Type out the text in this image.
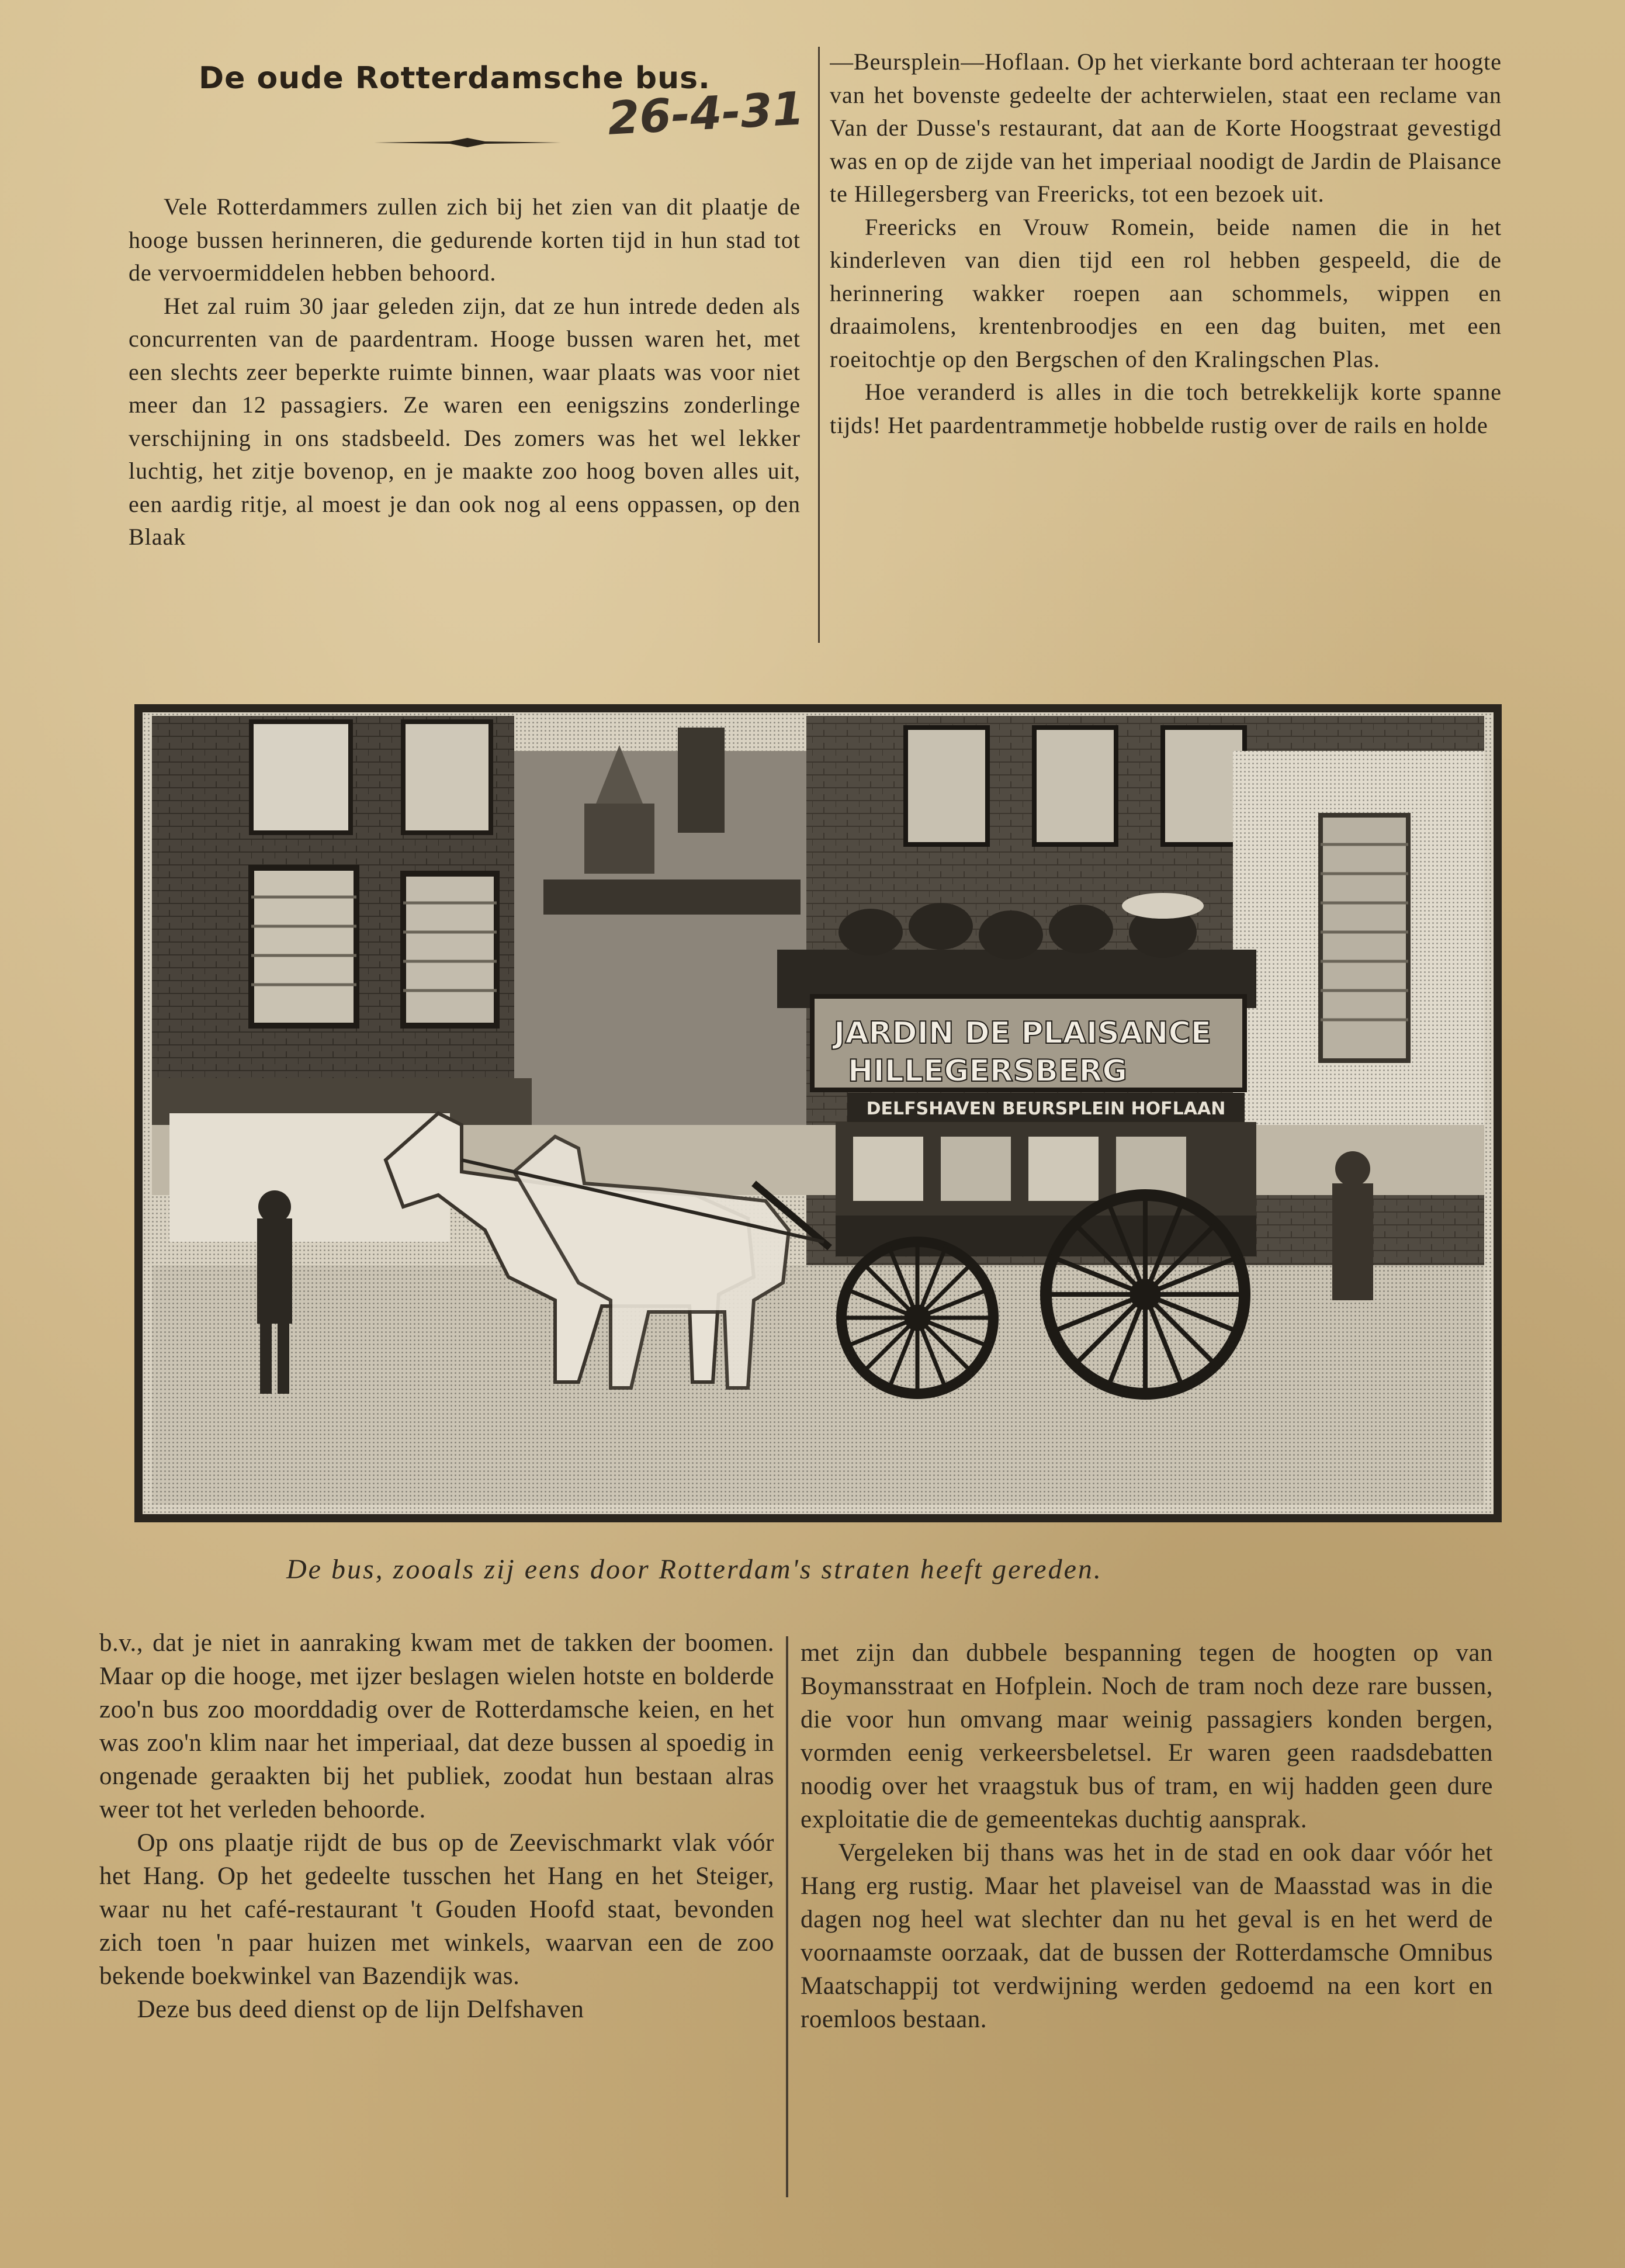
De oude Rotterdamsche bus.
26-4-31

Vele Rotterdammers zullen zich bij het zien van dit plaatje de hooge bussen herinneren, die gedurende korten tijd in hun stad tot de vervoermiddelen hebben behoord.

Het zal ruim 30 jaar geleden zijn, dat ze hun intrede deden als concurrenten van de paardentram. Hooge bussen waren het, met een slechts zeer beperkte ruimte binnen, waar plaats was voor niet meer dan 12 passagiers. Ze waren een eenigszins zonderlinge verschijning in ons stadsbeeld. Des zomers was het wel lekker luchtig, het zitje bovenop, en je maakte zoo hoog boven alles uit, een aardig ritje, al moest je dan ook nog al eens oppassen, op den Blaak

—Beursplein—Hoflaan. Op het vierkante bord achteraan ter hoogte van het bovenste gedeelte der achterwielen, staat een reclame van Van der Dusse's restaurant, dat aan de Korte Hoogstraat gevestigd was en op de zijde van het imperiaal noodigt de Jardin de Plaisance te Hillegersberg van Freericks, tot een bezoek uit.

Freericks en Vrouw Romein, beide namen die in het kinderleven van dien tijd een rol hebben gespeeld, die de herinnering wakker roepen aan schommels, wippen en draaimolens, krentenbroodjes en een dag buiten, met een roeitochtje op den Bergschen of den Kralingschen Plas.

Hoe veranderd is alles in die toch betrekkelijk korte spanne tijds! Het paardentrammetje hobbelde rustig over de rails en holde

JARDIN DE PLAISANCE
HILLEGERSBERG
DELFSHAVEN BEURSPLEIN HOFLAAN
De bus, zooals zij eens door Rotterdam's straten heeft gereden.

b.v., dat je niet in aanraking kwam met de takken der boomen. Maar op die hooge, met ijzer beslagen wielen hotste en bolderde zoo'n bus zoo moorddadig over de Rotterdamsche keien, en het was zoo'n klim naar het imperiaal, dat deze bussen al spoedig in ongenade geraakten bij het publiek, zoodat hun bestaan alras weer tot het verleden behoorde.

Op ons plaatje rijdt de bus op de Zeevischmarkt vlak vóór het Hang. Op het gedeelte tusschen het Hang en het Steiger, waar nu het café-restaurant 't Gouden Hoofd staat, bevonden zich toen 'n paar huizen met winkels, waarvan een de zoo bekende boekwinkel van Bazendijk was.

Deze bus deed dienst op de lijn Delfshaven

met zijn dan dubbele bespanning tegen de hoogten op van Boymansstraat en Hofplein. Noch de tram noch deze rare bussen, die voor hun omvang maar weinig passagiers konden bergen, vormden eenig verkeersbeletsel. Er waren geen raadsdebatten noodig over het vraagstuk bus of tram, en wij hadden geen dure exploitatie die de gemeentekas duchtig aansprak.

Vergeleken bij thans was het in de stad en ook daar vóór het Hang erg rustig. Maar het plaveisel van de Maasstad was in die dagen nog heel wat slechter dan nu het geval is en het werd de voornaamste oorzaak, dat de bussen der Rotterdamsche Omnibus Maatschappij tot verdwijning werden gedoemd na een kort en roemloos bestaan.
